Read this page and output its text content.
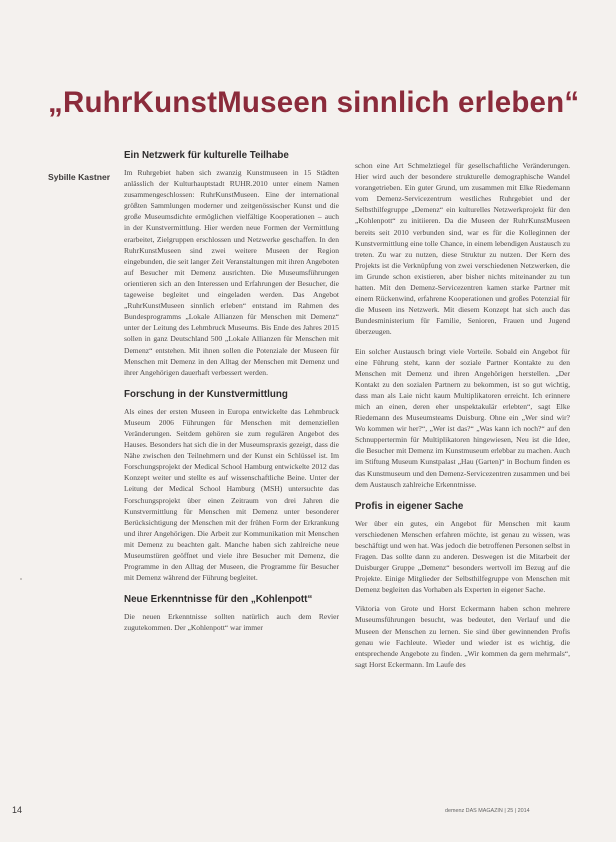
„RuhrKunstMuseen sinnlich erleben“
Sybille Kastner
Ein Netzwerk für kulturelle Teilhabe

Im Ruhrgebiet haben sich zwanzig Kunstmuseen in 15 Städten anlässlich der Kulturhauptstadt RUHR.2010 unter einem Namen zusammengeschlossen: RuhrKunstMuseen. Eine der international größten Sammlungen moderner und zeitgenössischer Kunst und die große Museumsdichte ermöglichen vielfältige Kooperationen – auch in der Kunstvermittlung. Hier werden neue Formen der Vermittlung erarbeitet, Zielgruppen erschlossen und Netzwerke geschaffen. In den RuhrKunstMuseen sind zwei weitere Museen der Region eingebunden, die seit langer Zeit Veranstaltungen mit ihren Angeboten auf Besucher mit Demenz ausrichten. Die Museumsführungen orientieren sich an den Interessen und Erfahrungen der Besucher, die tageweise begleitet und eingeladen werden. Das Angebot „RuhrKunstMuseen sinnlich erleben“ entstand im Rahmen des Bundesprogramms „Lokale Allianzen für Menschen mit Demenz“ unter der Leitung des Lehmbruck Museums. Bis Ende des Jahres 2015 sollen in ganz Deutschland 500 „Lokale Allianzen für Menschen mit Demenz“ entstehen. Mit ihnen sollen die Potenziale der Museen für Menschen mit Demenz in den Alltag der Menschen mit Demenz und ihrer Angehörigen dauerhaft verbessert werden.

Forschung in der Kunstvermittlung

Als eines der ersten Museen in Europa entwickelte das Lehmbruck Museum 2006 Führungen für Menschen mit demenziellen Veränderungen. Seitdem gehören sie zum regulären Angebot des Hauses. Besonders hat sich die in der Museumspraxis gezeigt, dass die Nähe zwischen den Teilnehmern und der Kunst ein Schlüssel ist. Im Forschungsprojekt der Medical School Hamburg entwickelte 2012 das Konzept weiter und stellte es auf wissenschaftliche Beine. Unter der Leitung der Medical School Hamburg (MSH) untersuchte das Forschungsprojekt über einen Zeitraum von drei Jahren die Kunstvermittlung für Menschen mit Demenz unter besonderer Berücksichtigung der Menschen mit der frühen Form der Erkrankung und ihrer Angehörigen. Die Arbeit zur Kommunikation mit Menschen mit Demenz zu beachten galt. Manche haben sich zahlreiche neue Museumstüren geöffnet und viele ihre Besucher mit Demenz, die Programme in den Alltag der Museen, die Programme für Besucher mit Demenz während der Führung begleitet.

Neue Erkenntnisse für den „Kohlenpott“

Die neuen Erkenntnisse sollten natürlich auch dem Revier zugutekommen. Der „Kohlenpott“ war immer

schon eine Art Schmelztiegel für gesellschaftliche Veränderungen. Hier wird auch der besondere strukturelle demographische Wandel vorangetrieben. Ein guter Grund, um zusammen mit Elke Riedemann vom Demenz-Servicezentrum westliches Ruhrgebiet und der Selbsthilfegruppe „Demenz“ ein kulturelles Netzwerkprojekt für den „Kohlenpott“ zu initiieren. Da die Museen der RuhrKunstMuseen bereits seit 2010 verbunden sind, war es für die Kolleginnen der Kunstvermittlung eine tolle Chance, in einem lebendigen Austausch zu treten. Zu war zu nutzen, diese Struktur zu nutzen. Der Kern des Projekts ist die Verknüpfung von zwei verschiedenen Netzwerken, die im Grunde schon existieren, aber bisher nichts miteinander zu tun hatten. Mit den Demenz-Servicezentren kamen starke Partner mit einem Rückenwind, erfahrene Kooperationen und großes Potenzial für die Museen ins Netzwerk. Mit diesem Konzept hat sich auch das Bundesministerium für Familie, Senioren, Frauen und Jugend überzeugen.

Ein solcher Austausch bringt viele Vorteile. Sobald ein Angebot für eine Führung steht, kann der soziale Partner Kontakte zu den Menschen mit Demenz und ihren Angehörigen herstellen. „Der Kontakt zu den sozialen Partnern zu bekommen, ist so gut wichtig, dass man als Laie nicht kaum Multiplikatoren erreicht. Ich erinnere mich an einen, deren eher unspektakulär erlebten“, sagt Elke Riedemann des Museumsteams Duisburg. Ohne ein „Wer sind wir? Wo kommen wir her?“, „Wer ist das?“ „Was kann ich noch?“ auf den Schnuppertermin für Multiplikatoren hingewiesen, Neu ist die Idee, die Besucher mit Demenz im Kunstmuseum erlebbar zu machen. Auch im Stiftung Museum Kunstpalast „Hau (Garten)“ in Bochum finden es das Kunstmuseum und den Demenz-Servicezentren zusammen und bei dem Austausch zahlreiche Erkenntnisse.

Profis in eigener Sache

Wer über ein gutes, ein Angebot für Menschen mit kaum verschiedenen Menschen erfahren möchte, ist genau zu wissen, was beschäftigt und wen hat. Was jedoch die betroffenen Personen selbst in Fragen. Das sollte dann zu anderen. Deswegen ist die Mitarbeit der Duisburger Gruppe „Demenz“ besonders wertvoll im Bezug auf die Projekte. Einige Mitglieder der Selbsthilfegruppe von Menschen mit Demenz begleiten das Vorhaben als Experten in eigener Sache.

Viktoria von Grote und Horst Eckermann haben schon mehrere Museumsführungen besucht, was bedeutet, den Verlauf und die Museen der Menschen zu lernen. Sie sind über gewinnenden Profis genau wie Fachleute. Wieder und wieder ist es wichtig, die entsprechende Angebote zu finden. „Wir kommen da gern mehrmals“, sagt Horst Eckermann. Im Laufe des

14	demenz DAS MAGAZIN | 25 | 2014
